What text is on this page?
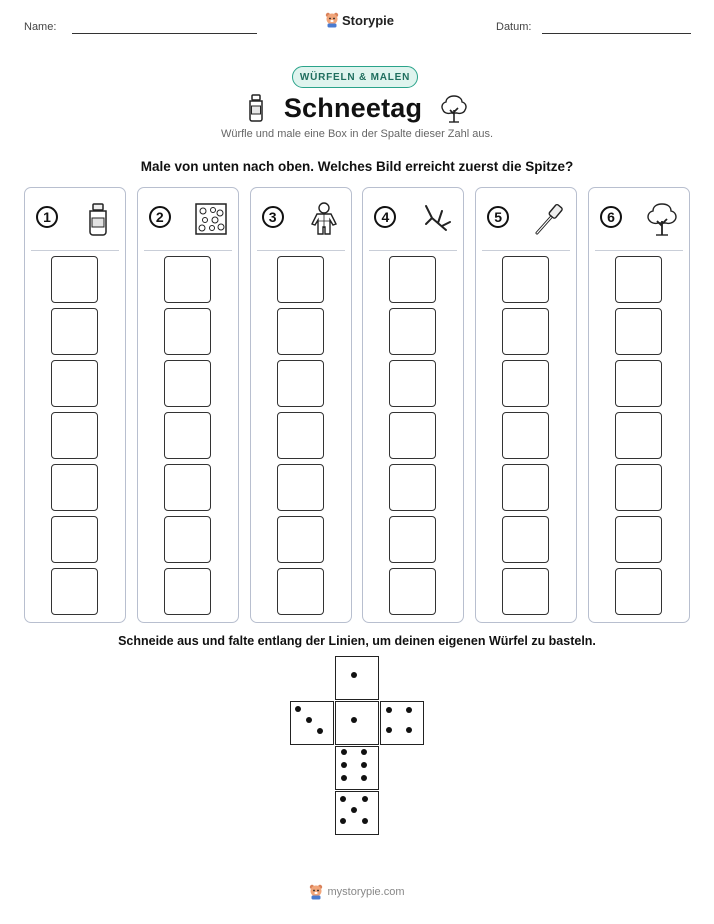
Name:	Storypie	Datum:
WÜRFELN & MALEN
Schneetag
Würfle und male eine Box in der Spalte dieser Zahl aus.
Male von unten nach oben. Welches Bild erreicht zuerst die Spitze?
1	2	3	4	5	6
Schneide aus und falte entlang der Linien, um deinen eigenen Würfel zu basteln.
mystorypie.com
